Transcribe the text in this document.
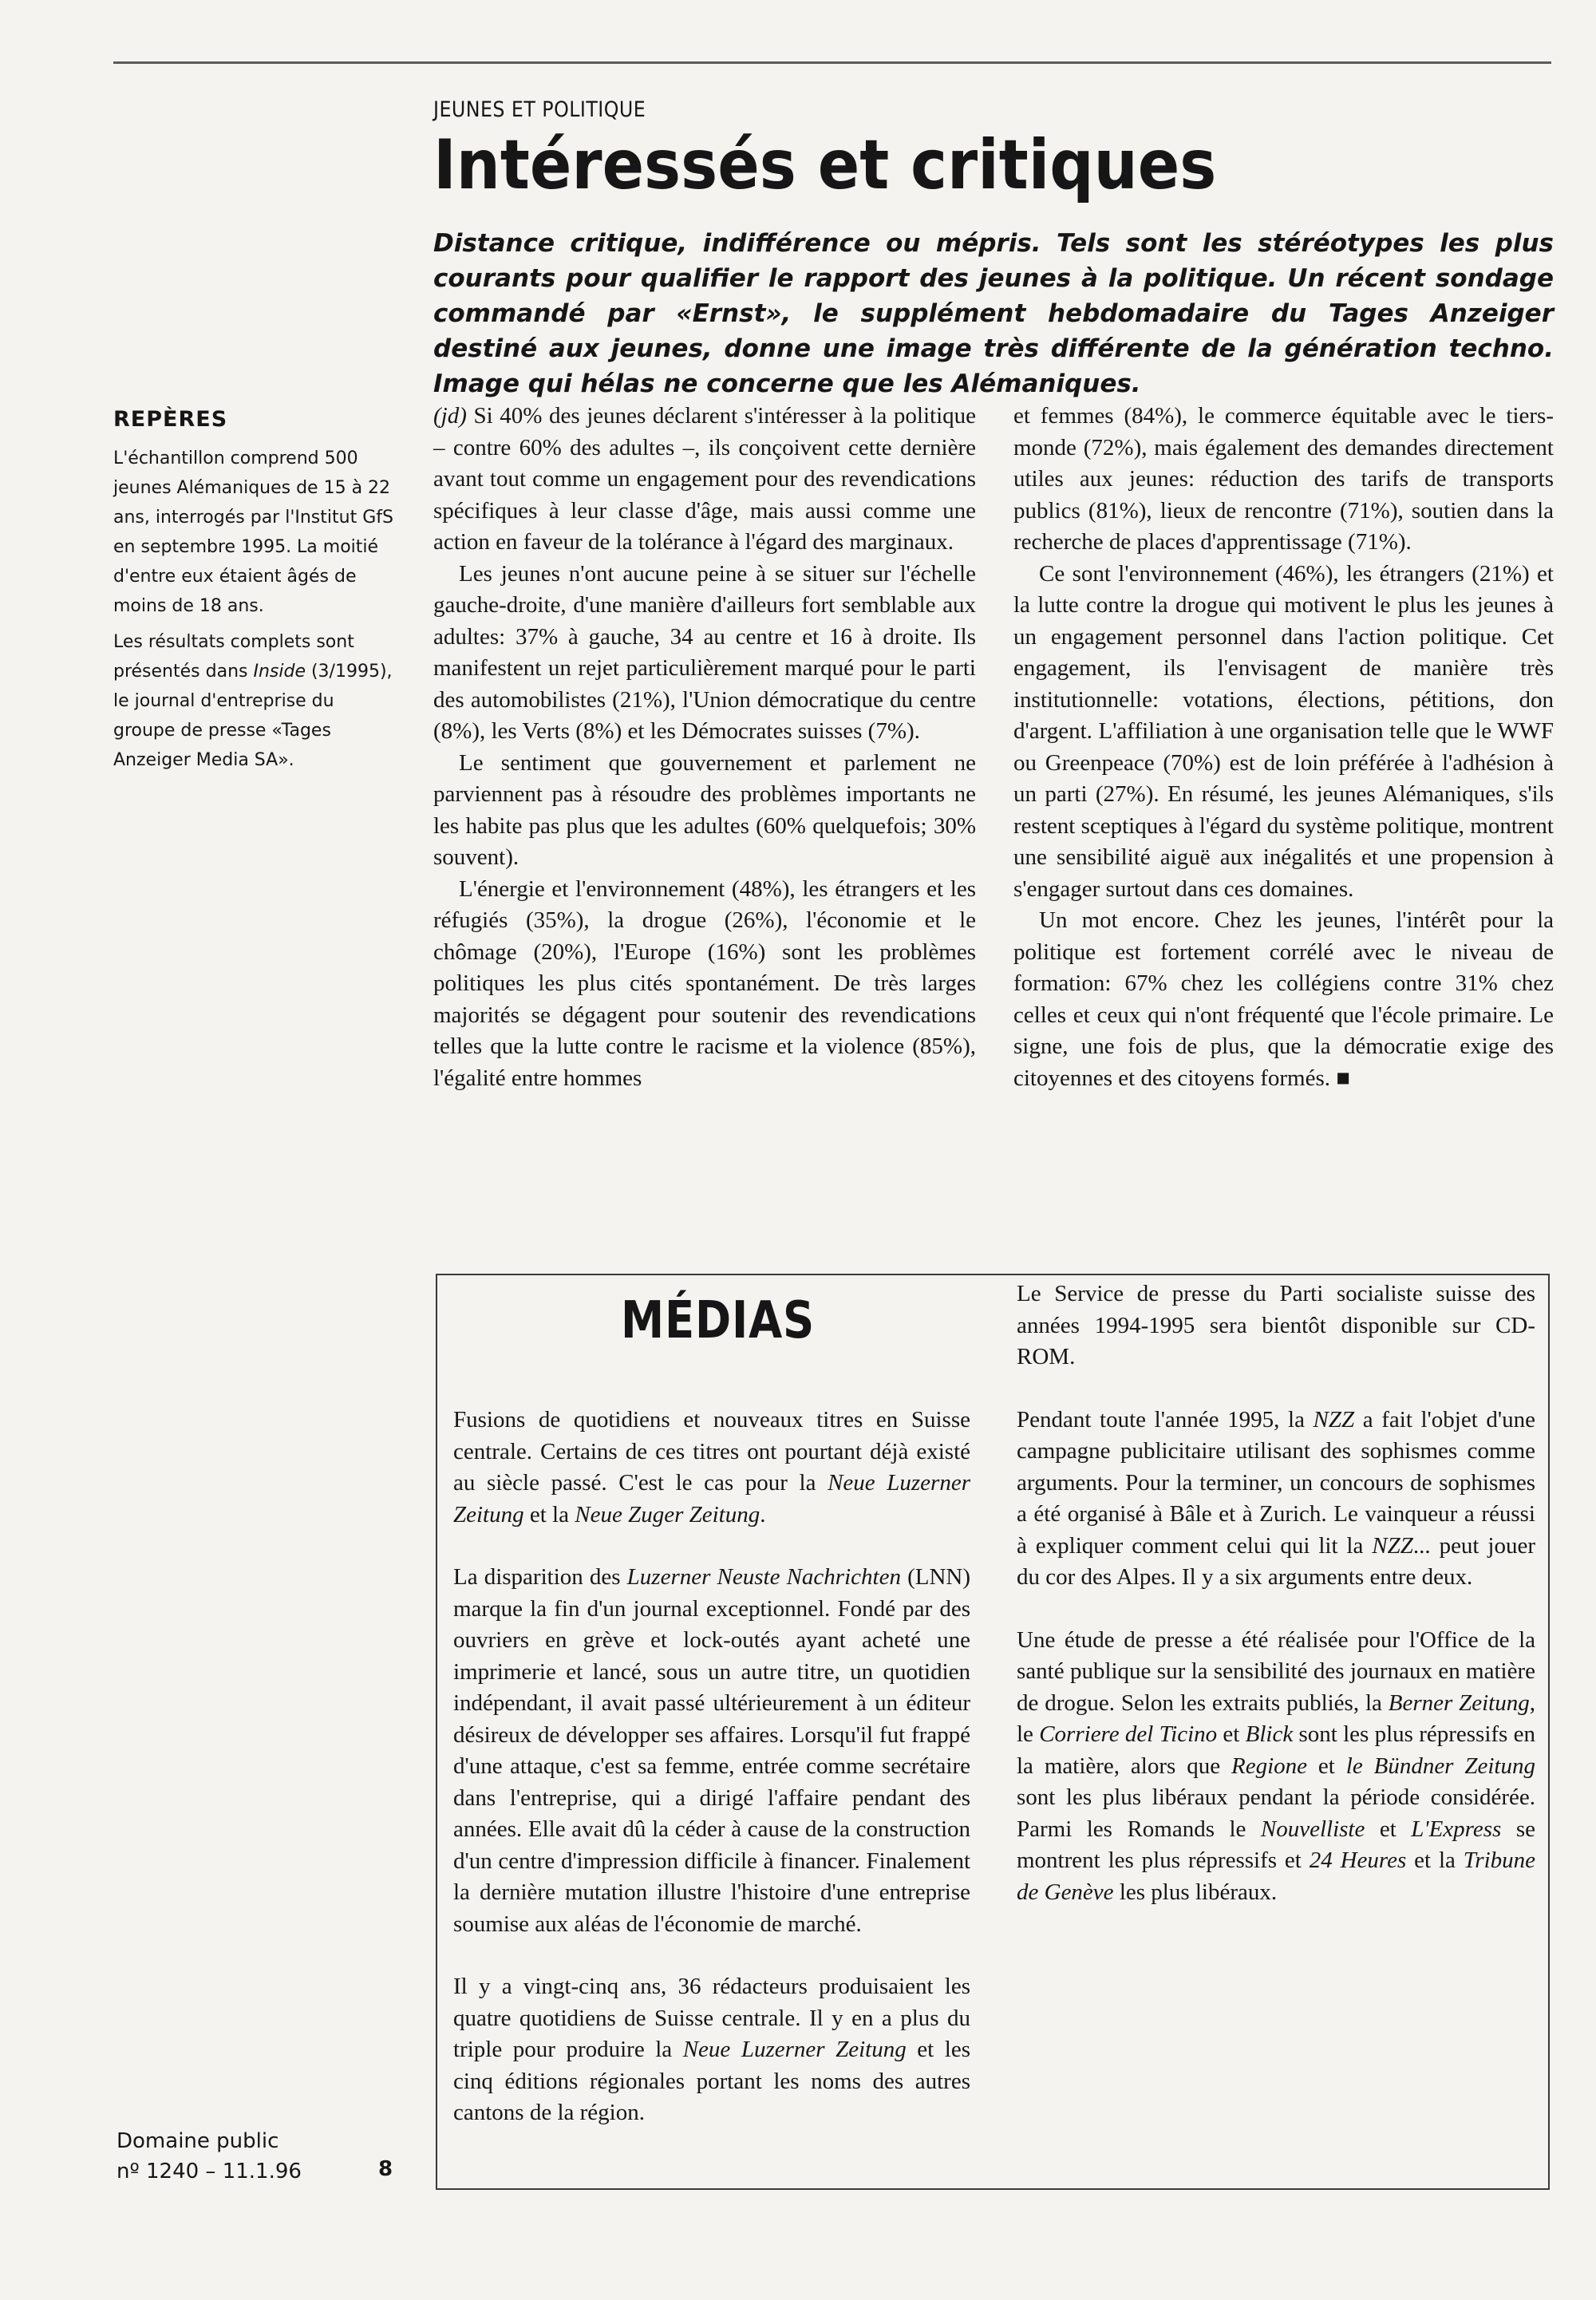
JEUNES ET POLITIQUE
Intéressés et critiques

Distance critique, indifférence ou mépris. Tels sont les stéréotypes les plus courants pour qualifier le rapport des jeunes à la politique. Un récent sondage commandé par «Ernst», le supplément hebdomadaire du Tages Anzeiger destiné aux jeunes, donne une image très différente de la génération techno. Image qui hélas ne concerne que les Alémaniques.

REPÈRES

L'échantillon comprend 500 jeunes Alémaniques de 15 à 22 ans, interrogés par l'Institut GfS en septembre 1995. La moitié d'entre eux étaient âgés de moins de 18 ans.

Les résultats complets sont présentés dans Inside (3/1995), le journal d'entreprise du groupe de presse «Tages Anzeiger Media SA».

(jd) Si 40% des jeunes déclarent s'intéresser à la politique – contre 60% des adultes –, ils conçoivent cette dernière avant tout comme un engagement pour des revendications spécifiques à leur classe d'âge, mais aussi comme une action en faveur de la tolérance à l'égard des marginaux.

Les jeunes n'ont aucune peine à se situer sur l'échelle gauche-droite, d'une manière d'ailleurs fort semblable aux adultes: 37% à gauche, 34 au centre et 16 à droite. Ils manifestent un rejet particulièrement marqué pour le parti des automobilistes (21%), l'Union démocratique du centre (8%), les Verts (8%) et les Démocrates suisses (7%).

Le sentiment que gouvernement et parlement ne parviennent pas à résoudre des problèmes importants ne les habite pas plus que les adultes (60% quelquefois; 30% souvent).

L'énergie et l'environnement (48%), les étrangers et les réfugiés (35%), la drogue (26%), l'économie et le chômage (20%), l'Europe (16%) sont les problèmes politiques les plus cités spontanément. De très larges majorités se dégagent pour soutenir des revendications telles que la lutte contre le racisme et la violence (85%), l'égalité entre hommes

et femmes (84%), le commerce équitable avec le tiers-monde (72%), mais également des demandes directement utiles aux jeunes: réduction des tarifs de transports publics (81%), lieux de rencontre (71%), soutien dans la recherche de places d'apprentissage (71%).

Ce sont l'environnement (46%), les étrangers (21%) et la lutte contre la drogue qui motivent le plus les jeunes à un engagement personnel dans l'action politique. Cet engagement, ils l'envisagent de manière très institutionnelle: votations, élections, pétitions, don d'argent. L'affiliation à une organisation telle que le WWF ou Greenpeace (70%) est de loin préférée à l'adhésion à un parti (27%). En résumé, les jeunes Alémaniques, s'ils restent sceptiques à l'égard du système politique, montrent une sensibilité aiguë aux inégalités et une propension à s'engager surtout dans ces domaines.

Un mot encore. Chez les jeunes, l'intérêt pour la politique est fortement corrélé avec le niveau de formation: 67% chez les collégiens contre 31% chez celles et ceux qui n'ont fréquenté que l'école primaire. Le signe, une fois de plus, que la démocratie exige des citoyennes et des citoyens formés. ■

MÉDIAS

Fusions de quotidiens et nouveaux titres en Suisse centrale. Certains de ces titres ont pourtant déjà existé au siècle passé. C'est le cas pour la Neue Luzerner Zeitung et la Neue Zuger Zeitung.

La disparition des Luzerner Neuste Nachrichten (LNN) marque la fin d'un journal exceptionnel. Fondé par des ouvriers en grève et lock-outés ayant acheté une imprimerie et lancé, sous un autre titre, un quotidien indépendant, il avait passé ultérieurement à un éditeur désireux de développer ses affaires. Lorsqu'il fut frappé d'une attaque, c'est sa femme, entrée comme secrétaire dans l'entreprise, qui a dirigé l'affaire pendant des années. Elle avait dû la céder à cause de la construction d'un centre d'impression difficile à financer. Finalement la dernière mutation illustre l'histoire d'une entreprise soumise aux aléas de l'économie de marché.

Il y a vingt-cinq ans, 36 rédacteurs produisaient les quatre quotidiens de Suisse centrale. Il y en a plus du triple pour produire la Neue Luzerner Zeitung et les cinq éditions régionales portant les noms des autres cantons de la région.

Le Service de presse du Parti socialiste suisse des années 1994-1995 sera bientôt disponible sur CD-ROM.

Pendant toute l'année 1995, la NZZ a fait l'objet d'une campagne publicitaire utilisant des sophismes comme arguments. Pour la terminer, un concours de sophismes a été organisé à Bâle et à Zurich. Le vainqueur a réussi à expliquer comment celui qui lit la NZZ... peut jouer du cor des Alpes. Il y a six arguments entre deux.

Une étude de presse a été réalisée pour l'Office de la santé publique sur la sensibilité des journaux en matière de drogue. Selon les extraits publiés, la Berner Zeitung, le Corriere del Ticino et Blick sont les plus répressifs en la matière, alors que Regione et le Bündner Zeitung sont les plus libéraux pendant la période considérée. Parmi les Romands le Nouvelliste et L'Express se montrent les plus répressifs et 24 Heures et la Tribune de Genève les plus libéraux.

Domaine public
nº 1240 – 11.1.96	8
